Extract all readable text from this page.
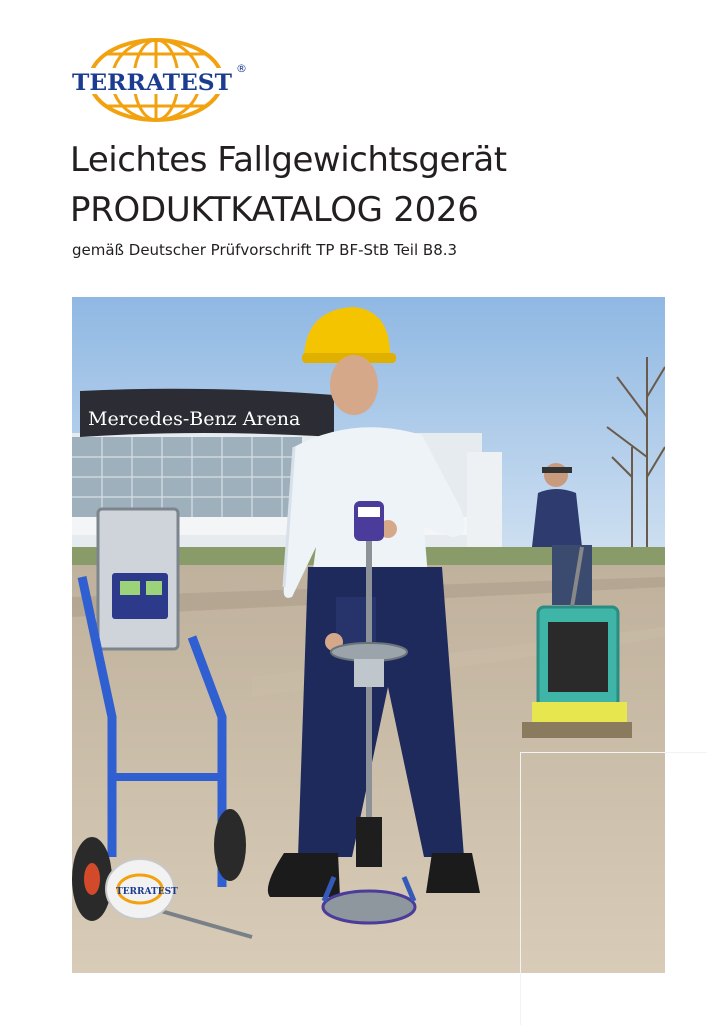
TERRATEST
®
Leichtes Fallgewichtsgerät
PRODUKTKATALOG 2026
gemäß Deutscher Prüfvorschrift TP BF-StB Teil B8.3
Mercedes-Benz Arena
TERRATEST
